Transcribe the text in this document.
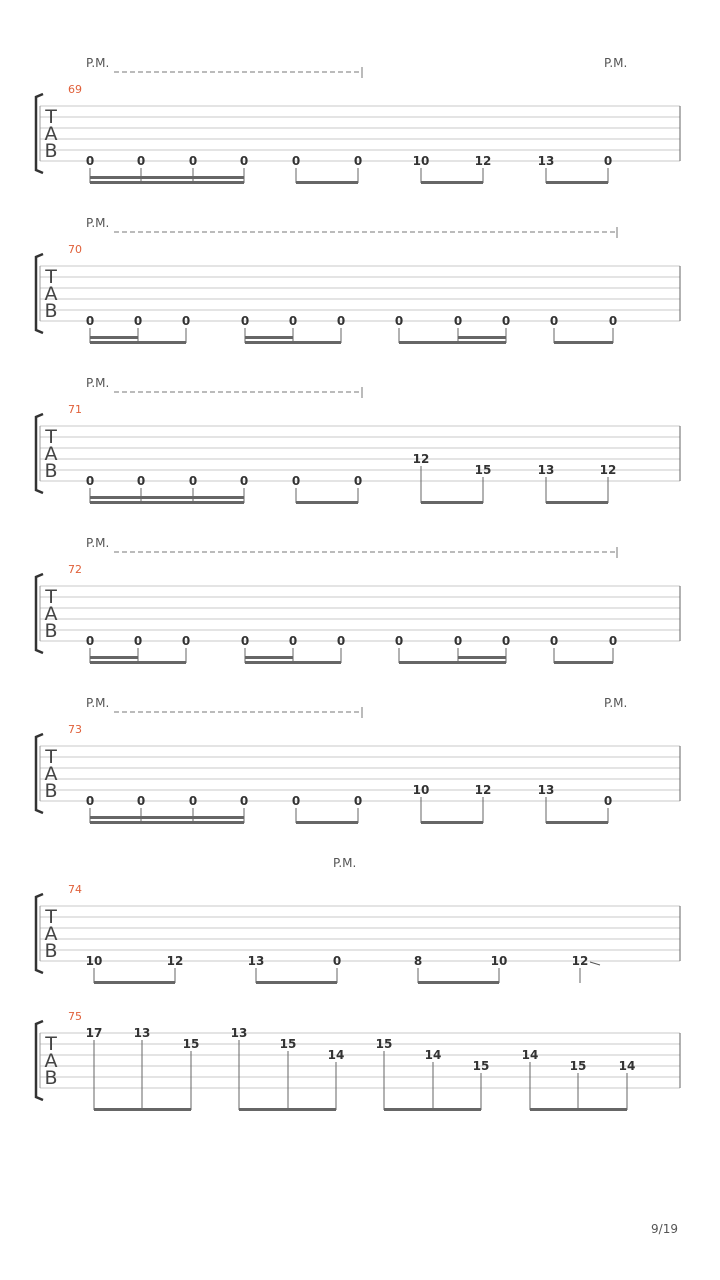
P.M.	P.M.
69
T
A
B 0	0	0	0	0	0	10	12	13	0
P.M.
70
T
A
B 0	0	0	0	0	0	0	0	0	0	0
P.M.
71
T
A
B 0	0	0	0	0	0
12
15	13	12
P.M.
72
T
A
B 0	0	0	0	0	0	0	0	0	0	0
P.M.	P.M.
73
T
A
B 0	0	0	0	0	0
10	12	13
0
P.M.
74
T
A
B 10	12	13	0	8	10	12
75
T
A
B
17	13
15
13
15
14
15
14
15
14
15	14
9/19
